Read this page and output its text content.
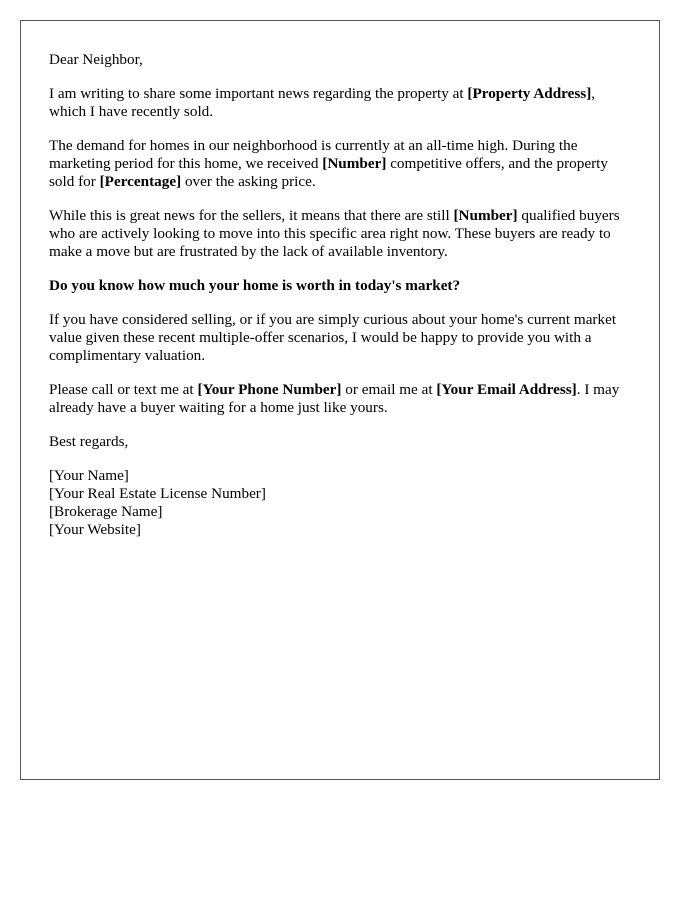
Dear Neighbor,

I am writing to share some important news regarding the property at [Property Address], which I have recently sold.

The demand for homes in our neighborhood is currently at an all-time high. During the marketing period for this home, we received [Number] competitive offers, and the property sold for [Percentage] over the asking price.

While this is great news for the sellers, it means that there are still [Number] qualified buyers who are actively looking to move into this specific area right now. These buyers are ready to make a move but are frustrated by the lack of available inventory.

Do you know how much your home is worth in today's market?

If you have considered selling, or if you are simply curious about your home's current market value given these recent multiple-offer scenarios, I would be happy to provide you with a complimentary valuation.

Please call or text me at [Your Phone Number] or email me at [Your Email Address]. I may already have a buyer waiting for a home just like yours.

Best regards,

[Your Name]
[Your Real Estate License Number]
[Brokerage Name]
[Your Website]
